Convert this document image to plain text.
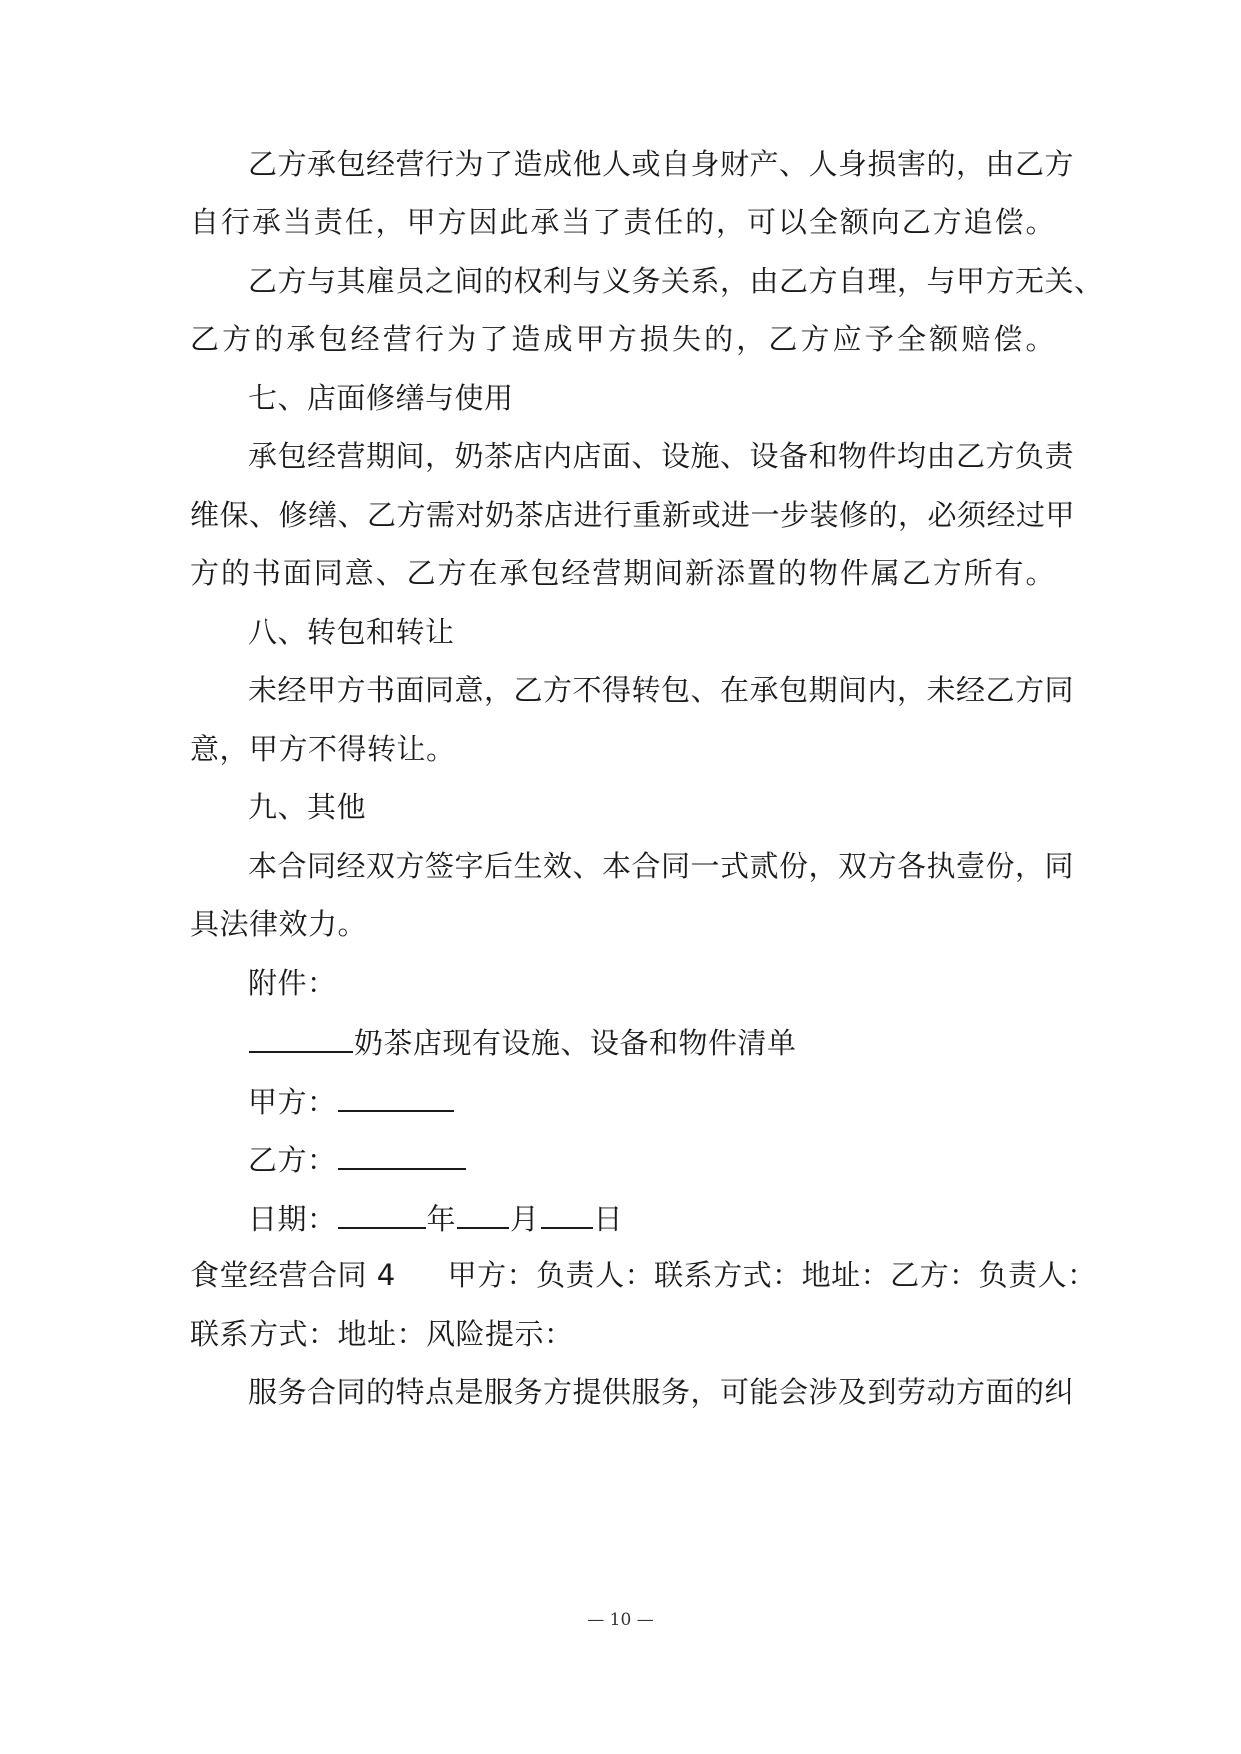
乙方承包经营行为了造成他人或自身财产、人身损害的，由乙方
自行承当责任，甲方因此承当了责任的，可以全额向乙方追偿。
乙方与其雇员之间的权利与义务关系，由乙方自理，与甲方无关、
乙方的承包经营行为了造成甲方损失的，乙方应予全额赔偿。
七、店面修缮与使用
承包经营期间，奶茶店内店面、设施、设备和物件均由乙方负责
维保、修缮、乙方需对奶茶店进行重新或进一步装修的，必须经过甲
方的书面同意、乙方在承包经营期间新添置的物件属乙方所有。
八、转包和转让
未经甲方书面同意，乙方不得转包、在承包期间内，未经乙方同
意，甲方不得转让。
九、其他
本合同经双方签字后生效、本合同一式贰份，双方各执壹份，同
具法律效力。
附件：
奶茶店现有设施、设备和物件清单
甲方：
乙方：
日期：	年 月 日
食堂经营合同 4 甲方：负责人：联系方式：地址：乙方：负责人：
联系方式：地址：风险提示：
服务合同的特点是服务方提供服务，可能会涉及到劳动方面的纠
— 10 —
